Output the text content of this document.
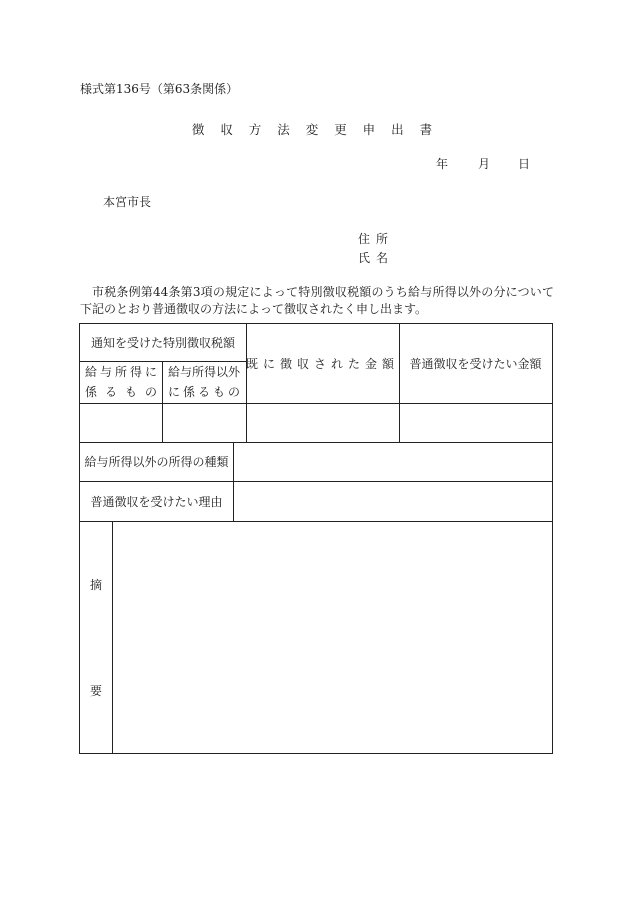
様式第136号（第63条関係）
徴 収 方 法 変 更 申 出 書
年	月 日
本宮市長
住 所
氏 名
市税条例第44条第3項の規定によって特別徴収税額のうち給与所得以外の分について下記のとおり普通徴収の方法によって徴収されたく申し出ます。
通知を受けた特別徴収税額
給与所得に
係るもの
給与所得以外
に係るもの
既に徴収された金額 普通徴収を受けたい金額
給与所得以外の所得の種類
普通徴収を受けたい理由
摘
要
